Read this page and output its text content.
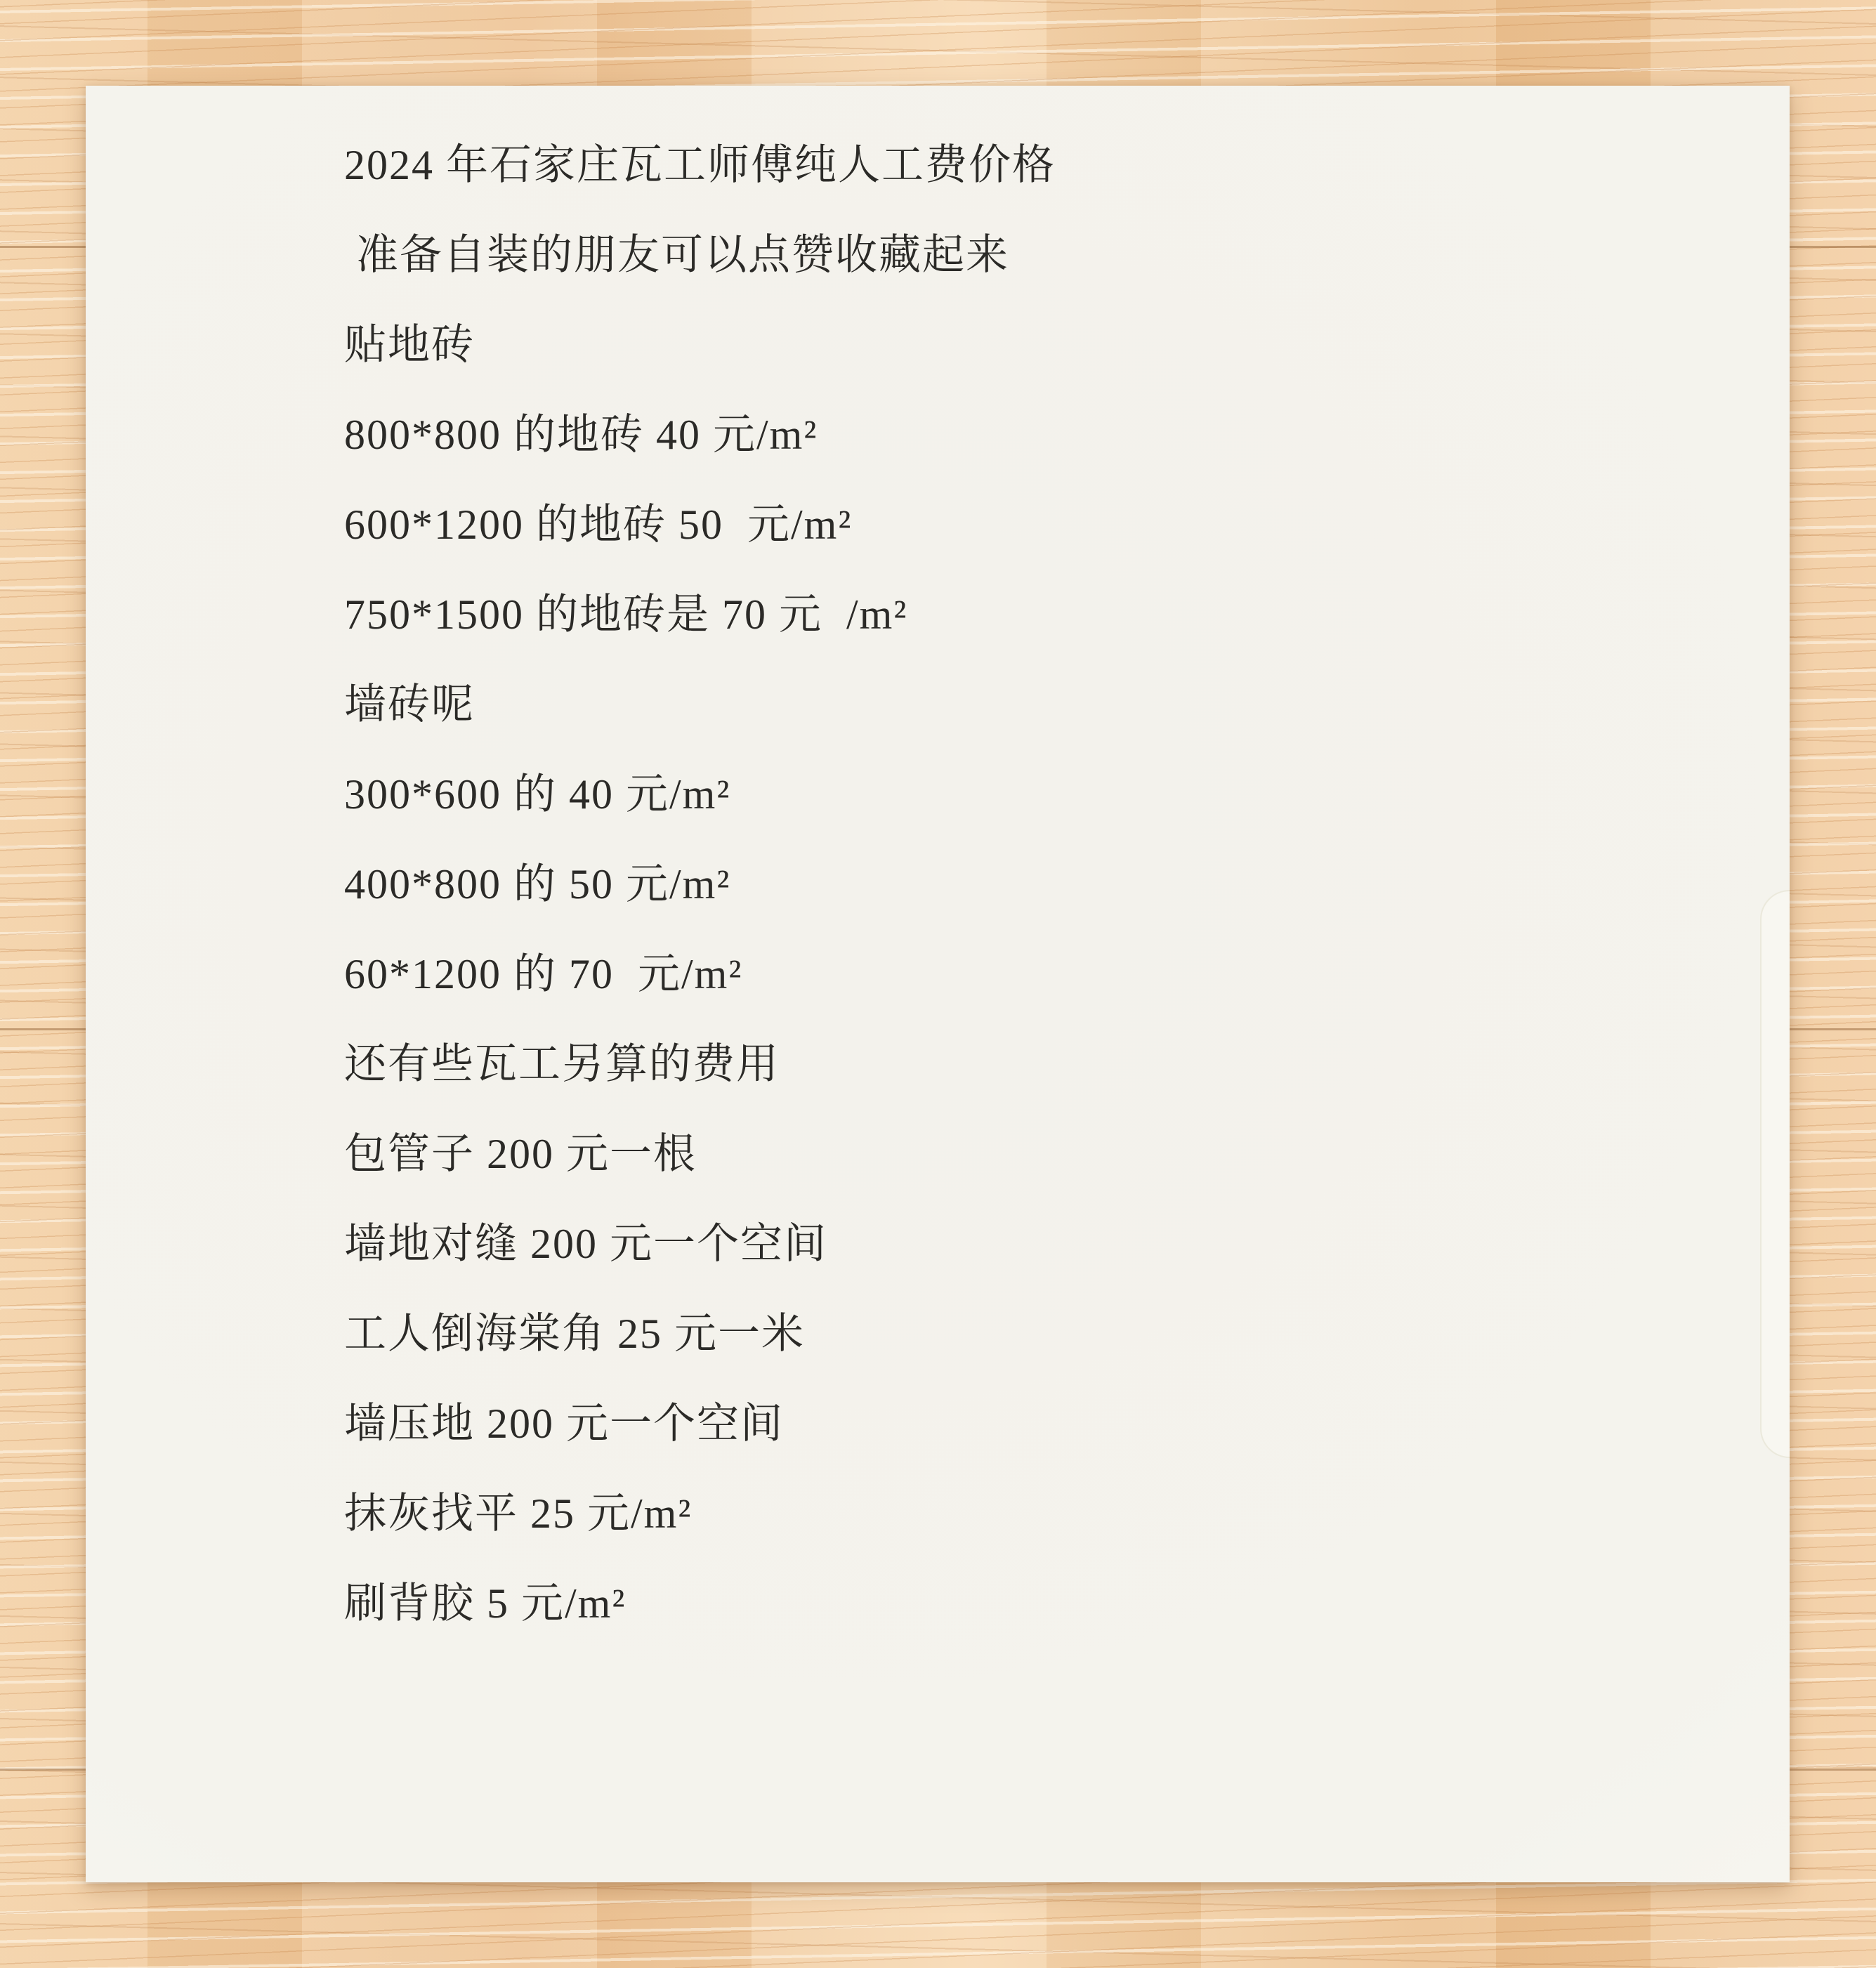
2024 年石家庄瓦工师傅纯人工费价格

准备自装的朋友可以点赞收藏起来

贴地砖

800*800 的地砖 40 元/m²

600*1200 的地砖 50  元/m²

750*1500 的地砖是 70 元  /m²

墙砖呢

300*600 的 40 元/m²

400*800 的 50 元/m²

60*1200 的 70  元/m²

还有些瓦工另算的费用

包管子 200 元一根

墙地对缝 200 元一个空间

工人倒海棠角 25 元一米

墙压地 200 元一个空间

抹灰找平 25 元/m²

刷背胶 5 元/m²
